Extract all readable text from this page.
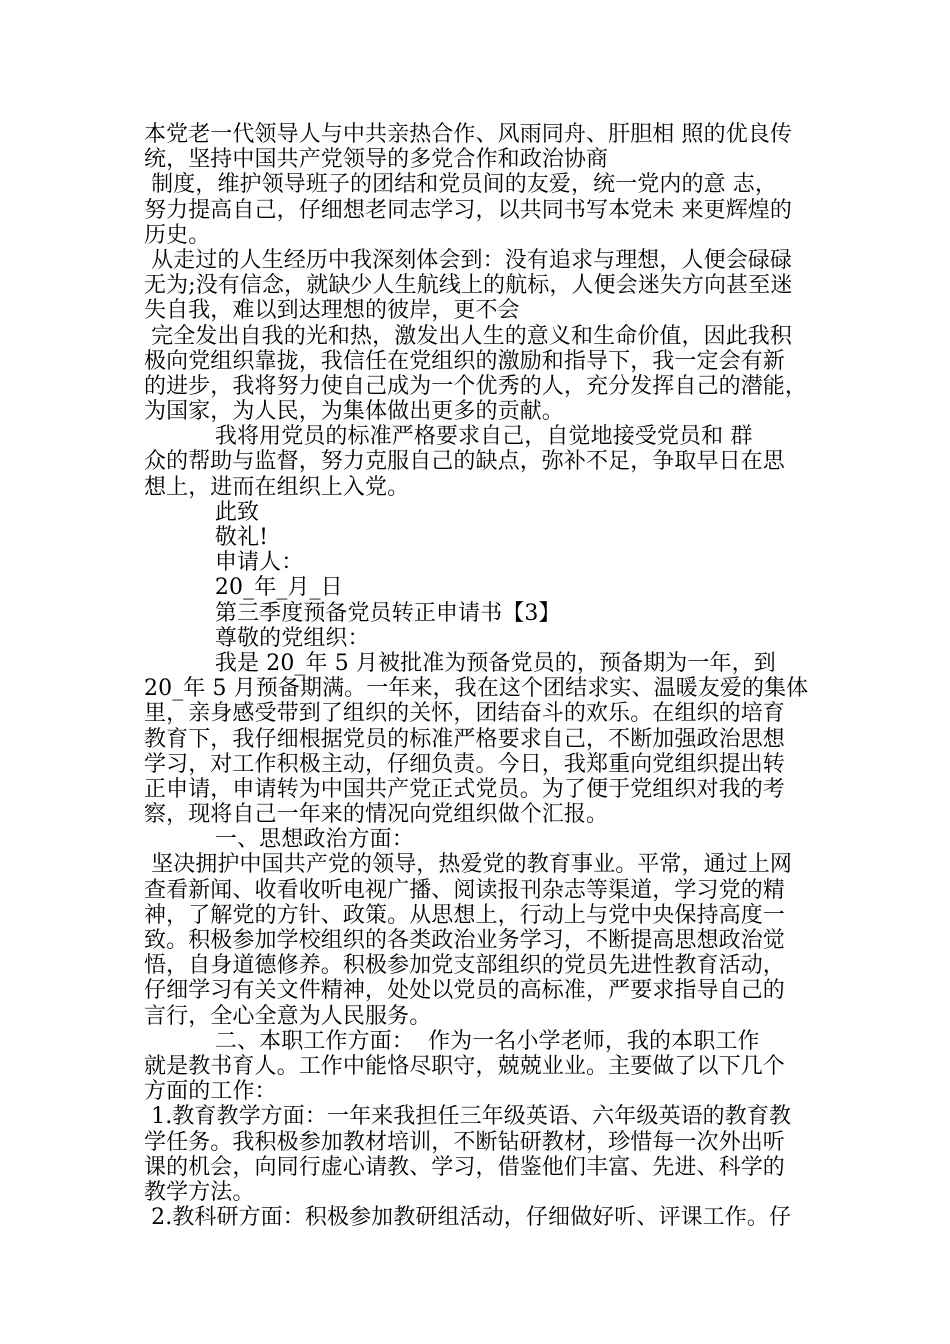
本党老一代领导人与中共亲热合作、风雨同舟、肝胆相 照的优良传
统，坚持中国共产党领导的多党合作和政治协商
制度，维护领导班子的团结和党员间的友爱，统一党内的意 志，
努力提高自己，仔细想老同志学习，以共同书写本党未 来更辉煌的
历史。
从走过的人生经历中我深刻体会到：没有追求与理想，人便会碌碌
无为;没有信念，就缺少人生航线上的航标，人便会迷失方向甚至迷
失自我，难以到达理想的彼岸，更不会
完全发出自我的光和热，激发出人生的意义和生命价值，因此我积
极向党组织靠拢，我信任在党组织的激励和指导下，我一定会有新
的进步，我将努力使自己成为一个优秀的人，充分发挥自己的潜能，
为国家，为人民，为集体做出更多的贡献。
我将用党员的标准严格要求自己，自觉地接受党员和 群
众的帮助与监督，努力克服自己的缺点，弥补不足，争取早日在思
想上，进而在组织上入党。
此致
敬礼!
申请人：
20_年_月_日
第三季度预备党员转正申请书【3】
尊敬的党组织：
我是 20_年 5 月被批准为预备党员的，预备期为一年，到
20_年 5 月预备期满。一年来，我在这个团结求实、温暖友爱的集体
里，亲身感受带到了组织的关怀，团结奋斗的欢乐。在组织的培育
教育下，我仔细根据党员的标准严格要求自己，不断加强政治思想
学习，对工作积极主动，仔细负责。今日，我郑重向党组织提出转
正申请，申请转为中国共产党正式党员。为了便于党组织对我的考
察，现将自己一年来的情况向党组织做个汇报。
一、思想政治方面：
坚决拥护中国共产党的领导，热爱党的教育事业。平常，通过上网
查看新闻、收看收听电视广播、阅读报刊杂志等渠道，学习党的精
神，了解党的方针、政策。从思想上，行动上与党中央保持高度一
致。积极参加学校组织的各类政治业务学习，不断提高思想政治觉
悟，自身道德修养。积极参加党支部组织的党员先进性教育活动，
仔细学习有关文件精神，处处以党员的高标准，严要求指导自己的
言行，全心全意为人民服务。
二、本职工作方面：  作为一名小学老师，我的本职工作
就是教书育人。工作中能恪尽职守，兢兢业业。主要做了以下几个
方面的工作：
1.教育教学方面：一年来我担任三年级英语、六年级英语的教育教
学任务。我积极参加教材培训，不断钻研教材，珍惜每一次外出听
课的机会，向同行虚心请教、学习，借鉴他们丰富、先进、科学的
教学方法。
2.教科研方面：积极参加教研组活动，仔细做好听、评课工作。仔
